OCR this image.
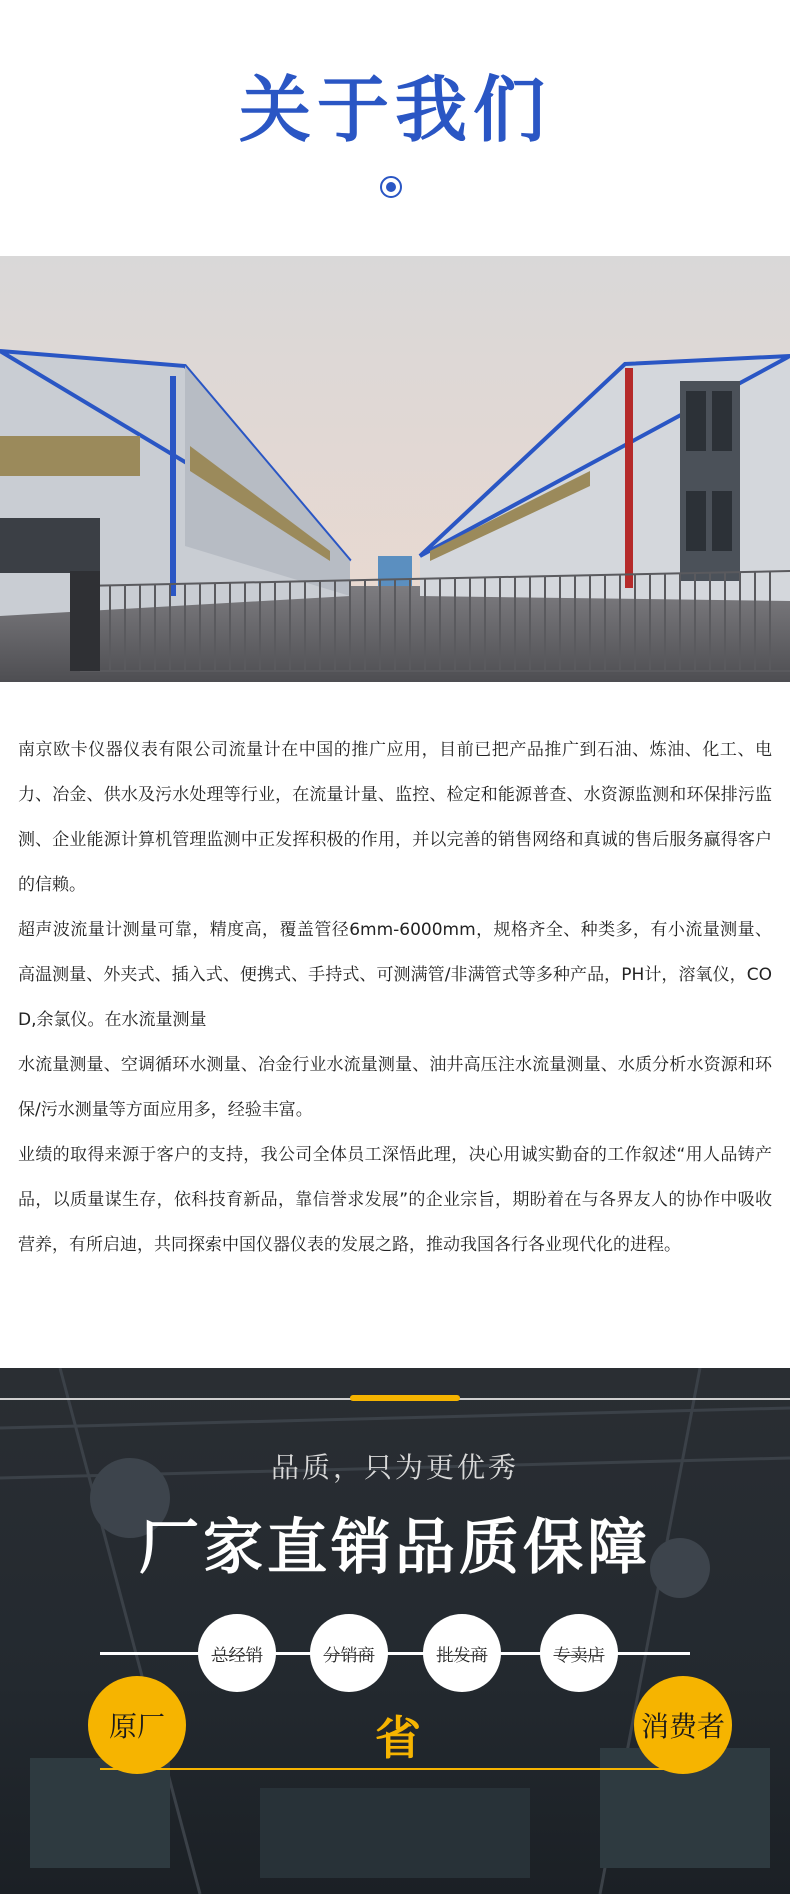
关于我们

南京欧卡仪器仪表有限公司流量计在中国的推广应用，目前已把产品推广到石油、炼油、化工、电力、冶金、供水及污水处理等行业，在流量计量、监控、检定和能源普查、水资源监测和环保排污监测、企业能源计算机管理监测中正发挥积极的作用，并以完善的销售网络和真诚的售后服务赢得客户的信赖。

超声波流量计测量可靠，精度高，覆盖管径6mm-6000mm，规格齐全、种类多，有小流量测量、高温测量、外夹式、插入式、便携式、手持式、可测满管/非满管式等多种产品，PH计，溶氧仪，COD,余氯仪。在水流量测量

水流量测量、空调循环水测量、冶金行业水流量测量、油井高压注水流量测量、水质分析水资源和环保/污水测量等方面应用多，经验丰富。

业绩的取得来源于客户的支持，我公司全体员工深悟此理，决心用诚实勤奋的工作叙述“用人品铸产品，以质量谋生存，依科技育新品，靠信誉求发展”的企业宗旨，期盼着在与各界友人的协作中吸收营养，有所启迪，共同探索中国仪器仪表的发展之路，推动我国各行各业现代化的进程。

品质，只为更优秀
厂家直销品质保障
总经销	分销商	批发商	专卖店
原厂	消费者
省
